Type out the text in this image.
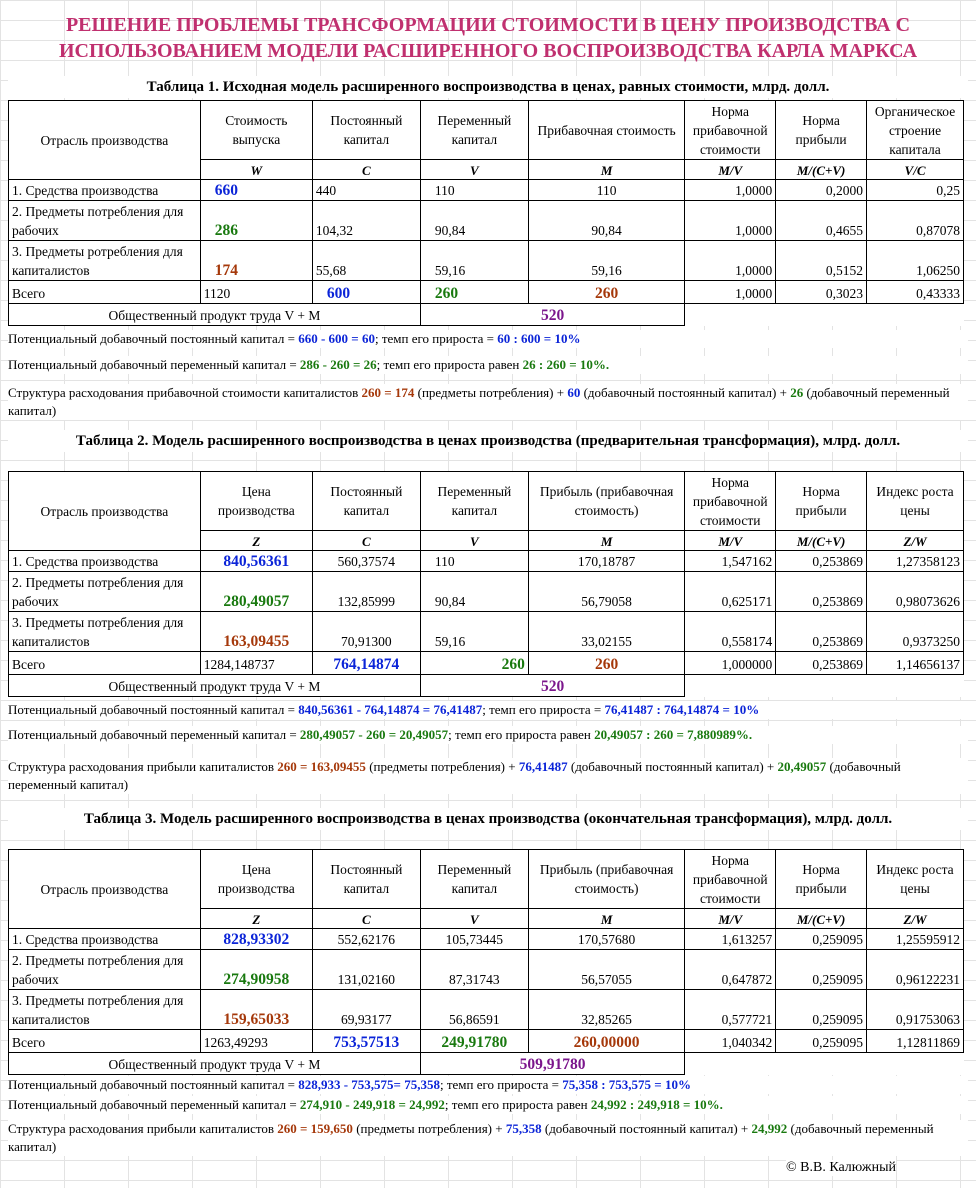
РЕШЕНИЕ ПРОБЛЕМЫ ТРАНСФОРМАЦИИ СТОИМОСТИ В ЦЕНУ ПРОИЗВОДСТВА С ИСПОЛЬЗОВАНИЕМ МОДЕЛИ РАСШИРЕННОГО ВОСПРОИЗВОДСТВА КАРЛА МАРКСА
Таблица 1. Исходная модель расширенного воспроизводства в ценах, равных стоимости, млрд. долл.
Отрасль производства	Стоимость выпуска	Постоянный капитал	Переменный капитал	Прибавочная стоимость	Норма прибавочной стоимости	Норма прибыли	Органическое строение капитала
	W	C	V	M	M/V	M/(C+V)	V/C
1. Средства производства	660	440	110	110	1,0000	0,2000	0,25
2. Предметы потребления для рабочих	286	104,32	90,84	90,84	1,0000	0,4655	0,87078
3. Предметы ротребления для капиталистов	174	55,68	59,16	59,16	1,0000	0,5152	1,06250
Всего	1120	600	260	260	1,0000	0,3023	0,43333
Общественный продукт труда V + M			520				
Потенциальный добавочный постоянный капитал = 660 - 600 = 60; темп его прироста = 60 : 600 = 10%
Потенциальный добавочный переменный капитал = 286 - 260 = 26; темп его прироста равен 26 : 260 = 10%.
Структура расходования прибавочной стоимости капиталистов 260 = 174 (предметы потребления) + 60 (добавочный постоянный капитал) + 26 (добавочный переменный капитал)
Таблица 2. Модель расширенного воспроизводства в ценах производства (предварительная трансформация), млрд. долл.
Отрасль производства	Цена производства	Постоянный капитал	Переменный капитал	Прибыль (прибавочная стоимость)	Норма прибавочной стоимости	Норма прибыли	Индекс роста цены
	Z	C	V	M	M/V	M/(C+V)	Z/W
1. Средства производства	840,56361	560,37574	110	170,18787	1,547162	0,253869	1,27358123
2. Предметы потребления для рабочих	280,49057	132,85999	90,84	56,79058	0,625171	0,253869	0,98073626
3. Предметы потребления для капиталистов	163,09455	70,91300	59,16	33,02155	0,558174	0,253869	0,9373250
Всего	1284,148737	764,14874	260	260	1,000000	0,253869	1,14656137
Общественный продукт труда V + M			520				
Потенциальный добавочный постоянный капитал = 840,56361 - 764,14874 = 76,41487; темп его прироста = 76,41487 : 764,14874 = 10%
Потенциальный добавочный переменный капитал = 280,49057 - 260 = 20,49057; темп его прироста равен 20,49057 : 260 = 7,880989%.
Структура расходования прибыли капиталистов 260 = 163,09455 (предметы потребления) + 76,41487 (добавочный постоянный капитал) + 20,49057 (добавочный переменный капитал)
Таблица 3. Модель расширенного воспроизводства в ценах производства (окончательная трансформация), млрд. долл.
Отрасль производства	Цена производства	Постоянный капитал	Переменный капитал	Прибыль (прибавочная стоимость)	Норма прибавочной стоимости	Норма прибыли	Индекс роста цены
	Z	C	V	M	M/V	M/(C+V)	Z/W
1. Средства производства	828,93302	552,62176	105,73445	170,57680	1,613257	0,259095	1,25595912
2. Предметы потребления для рабочих	274,90958	131,02160	87,31743	56,57055	0,647872	0,259095	0,96122231
3. Предметы потребления для капиталистов	159,65033	69,93177	56,86591	32,85265	0,577721	0,259095	0,91753063
Всего	1263,49293	753,57513	249,91780	260,00000	1,040342	0,259095	1,12811869
Общественный продукт труда V + M			509,91780				
Потенциальный добавочный постоянный капитал = 828,933 - 753,575= 75,358; темп его прироста = 75,358 : 753,575 = 10%
Потенциальный добавочный переменный капитал = 274,910 - 249,918 = 24,992; темп его прироста равен 24,992 : 249,918 = 10%.
Структура расходования прибыли капиталистов 260 = 159,650 (предметы потребления) + 75,358 (добавочный постоянный капитал) + 24,992 (добавочный переменный капитал)
© В.В. Калюжный
